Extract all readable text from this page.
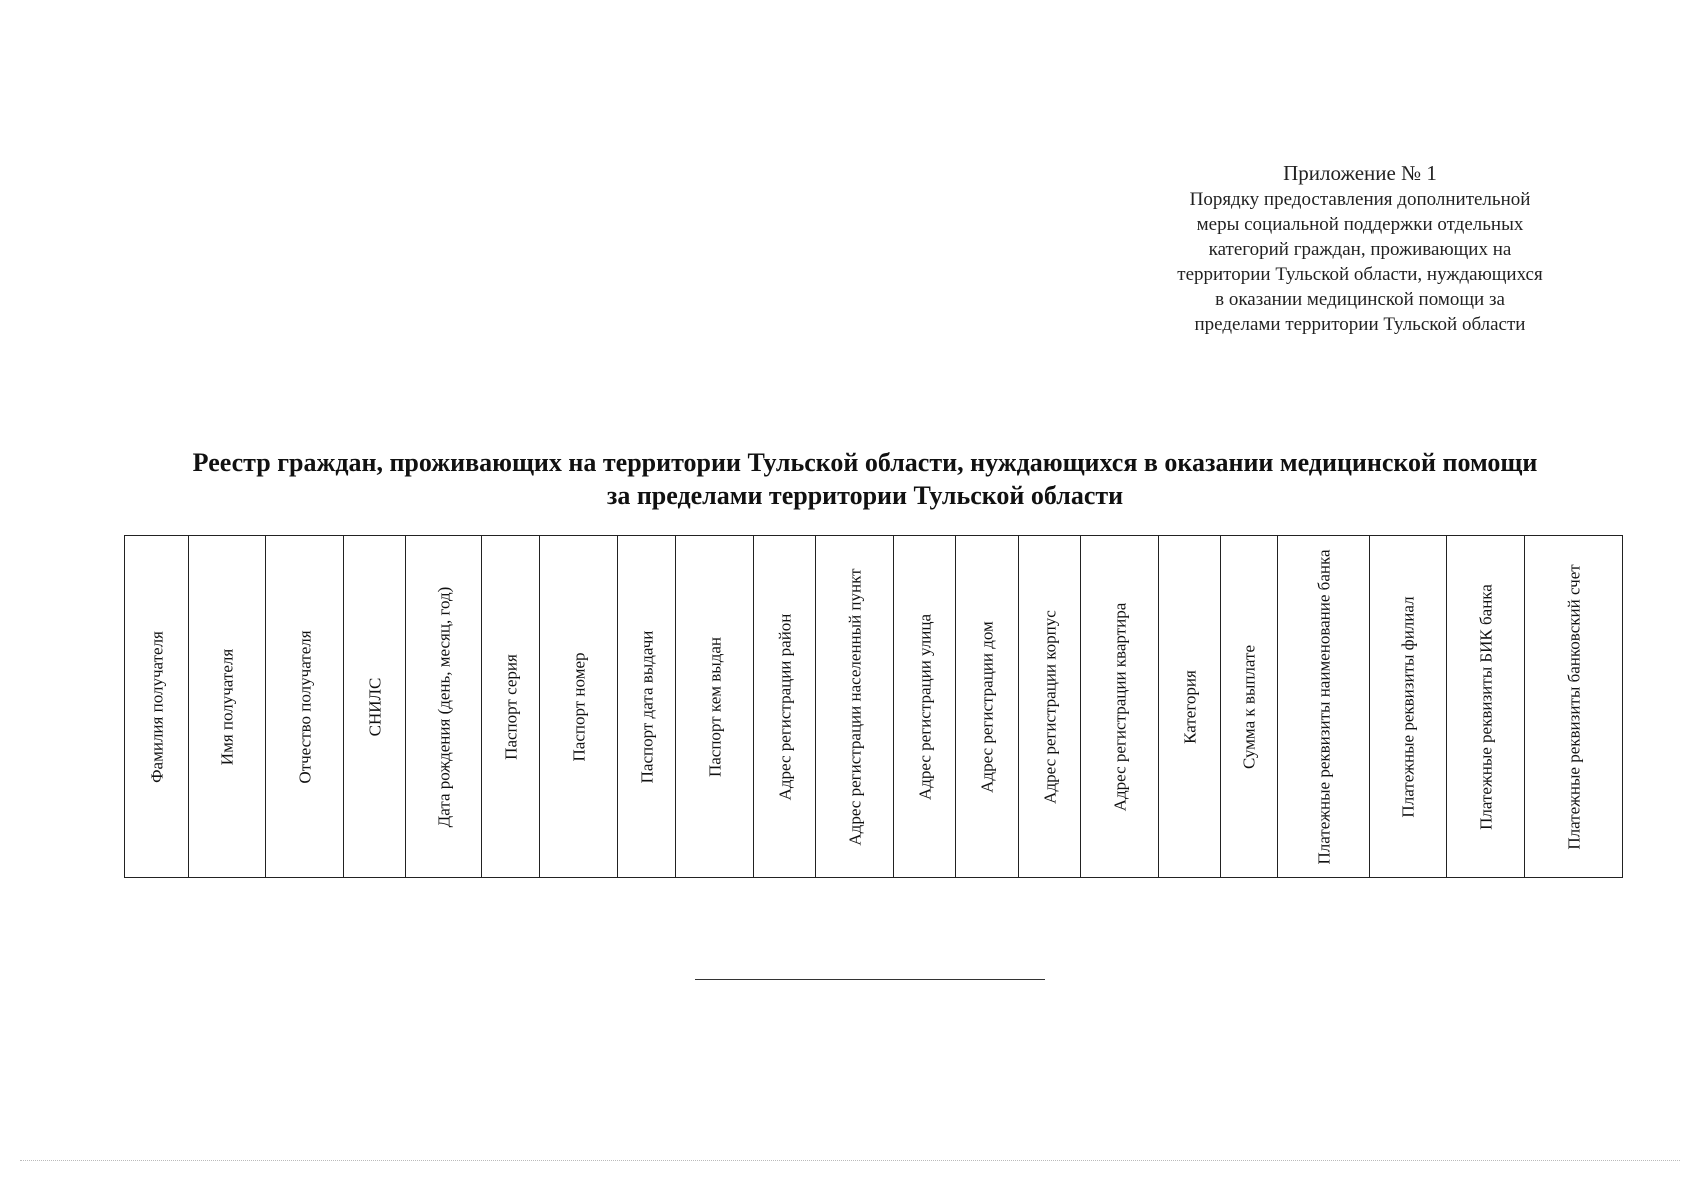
Приложение № 1
Порядку предоставления дополнительной
меры социальной поддержки отдельных
категорий граждан, проживающих на
территории Тульской области, нуждающихся
в оказании медицинской помощи за
пределами территории Тульской области
Реестр граждан, проживающих на территории Тульской области, нуждающихся в оказании медицинской помощи
за пределами территории Тульской области
Фамилия получателя	Имя получателя	Отчество получателя	СНИЛС	Дата рождения (день, месяц, год)	Паспорт серия	Паспорт номер	Паспорт дата выдачи	Паспорт кем выдан	Адрес регистрации район	Адрес регистрации населенный пункт	Адрес регистрации улица	Адрес регистрации дом	Адрес регистрации корпус	Адрес регистрации квартира	Категория	Сумма к выплате	Платежные реквизиты наименование банка	Платежные реквизиты филиал	Платежные реквизиты БИК банка	Платежные реквизиты банковский счет
